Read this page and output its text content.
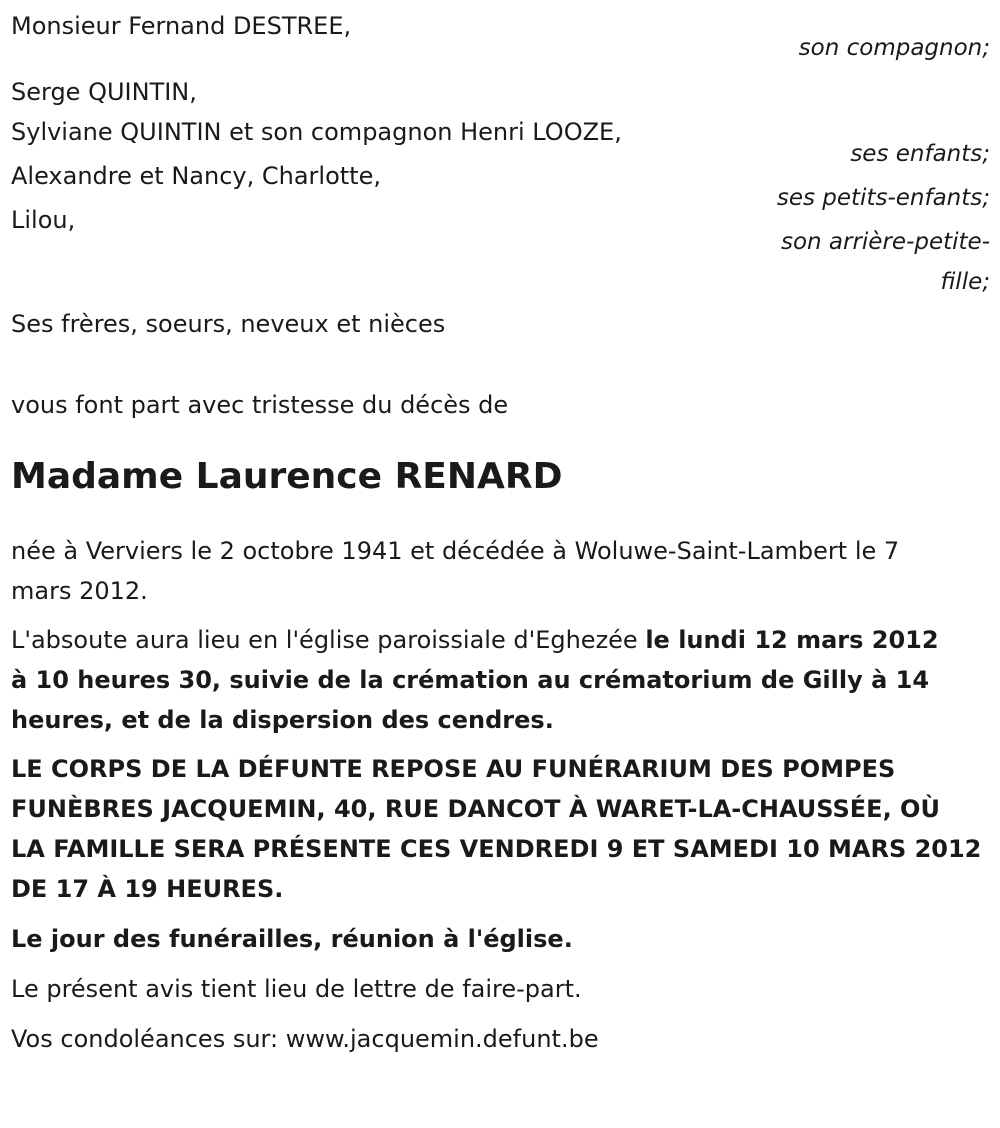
Monsieur Fernand DESTREE,
son compagnon;
Serge QUINTIN,
Sylviane QUINTIN et son compagnon Henri LOOZE,
ses enfants;
Alexandre et Nancy, Charlotte,
ses petits-enfants;
Lilou,
son arrière-petite-
fille;
Ses frères, soeurs, neveux et nièces
vous font part avec tristesse du décès de
Madame Laurence RENARD
née à Verviers le 2 octobre 1941 et décédée à Woluwe-Saint-Lambert le 7
mars 2012.
L'absoute aura lieu en l'église paroissiale d'Eghezée le lundi 12 mars 2012
à 10 heures 30, suivie de la crémation au crématorium de Gilly à 14
heures, et de la dispersion des cendres.
LE CORPS DE LA DÉFUNTE REPOSE AU FUNÉRARIUM DES POMPES
FUNÈBRES JACQUEMIN, 40, RUE DANCOT À WARET-LA-CHAUSSÉE, OÙ
LA FAMILLE SERA PRÉSENTE CES VENDREDI 9 ET SAMEDI 10 MARS 2012
DE 17 À 19 HEURES.
Le jour des funérailles, réunion à l'église.
Le présent avis tient lieu de lettre de faire-part.
Vos condoléances sur: www.jacquemin.defunt.be
